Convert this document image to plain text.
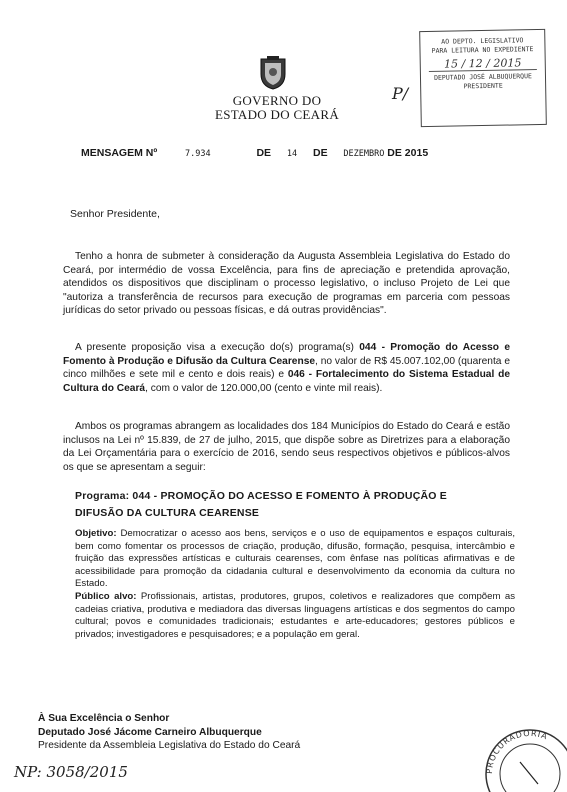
AO DEPTO. LEGISLATIVO
PARA LEITURA NO EXPEDIENTE
15 / 12 / 2015
DEPUTADO JOSÉ ALBUQUERQUE
PRESIDENTE
P/
GOVERNO DO
ESTADO DO CEARÁ
MENSAGEM Nº	7.934	DE 14 DE DEZEMBRO DE 2015
Senhor Presidente,
Tenho a honra de submeter à consideração da Augusta Assembleia Legislativa do Estado do Ceará, por intermédio de vossa Excelência, para fins de apreciação e pretendida aprovação, atendidos os dispositivos que disciplinam o processo legislativo, o incluso Projeto de Lei que "autoriza a transferência de recursos para execução de programas em parceria com pessoas jurídicas do setor privado ou pessoas físicas, e dá outras providências".
A presente proposição visa a execução do(s) programa(s) 044 - Promoção do Acesso e Fomento à Produção e Difusão da Cultura Cearense, no valor de R$ 45.007.102,00 (quarenta e cinco milhões e sete mil e cento e dois reais) e 046 - Fortalecimento do Sistema Estadual de Cultura do Ceará, com o valor de 120.000,00 (cento e vinte mil reais).
Ambos os programas abrangem as localidades dos 184 Municípios do Estado do Ceará e estão inclusos na Lei nº 15.839, de 27 de julho, 2015, que dispõe sobre as Diretrizes para a elaboração da Lei Orçamentária para o exercício de 2016, sendo seus respectivos objetivos e públicos-alvos os que se apresentam a seguir:
Programa: 044 - PROMOÇÃO DO ACESSO E FOMENTO À PRODUÇÃO E
DIFUSÃO DA CULTURA CEARENSE
Objetivo: Democratizar o acesso aos bens, serviços e o uso de equipamentos e espaços culturais, bem como fomentar os processos de criação, produção, difusão, formação, pesquisa, intercâmbio e fruição das expressões artísticas e culturais cearenses, com ênfase nas políticas afirmativas e de acessibilidade para promoção da cidadania cultural e desenvolvimento da economia da cultura no Estado.
Público alvo: Profissionais, artistas, produtores, grupos, coletivos e realizadores que compõem as cadeias criativa, produtiva e mediadora das diversas linguagens artísticas e dos segmentos do campo cultural; povos e comunidades tradicionais; estudantes e arte-educadores; gestores públicos e privados; investigadores e pesquisadores; e a população em geral.
À Sua Excelência o Senhor
Deputado José Jácome Carneiro Albuquerque
Presidente da Assembleia Legislativa do Estado do Ceará
NP: 3058/2015	PROCURADORIA
